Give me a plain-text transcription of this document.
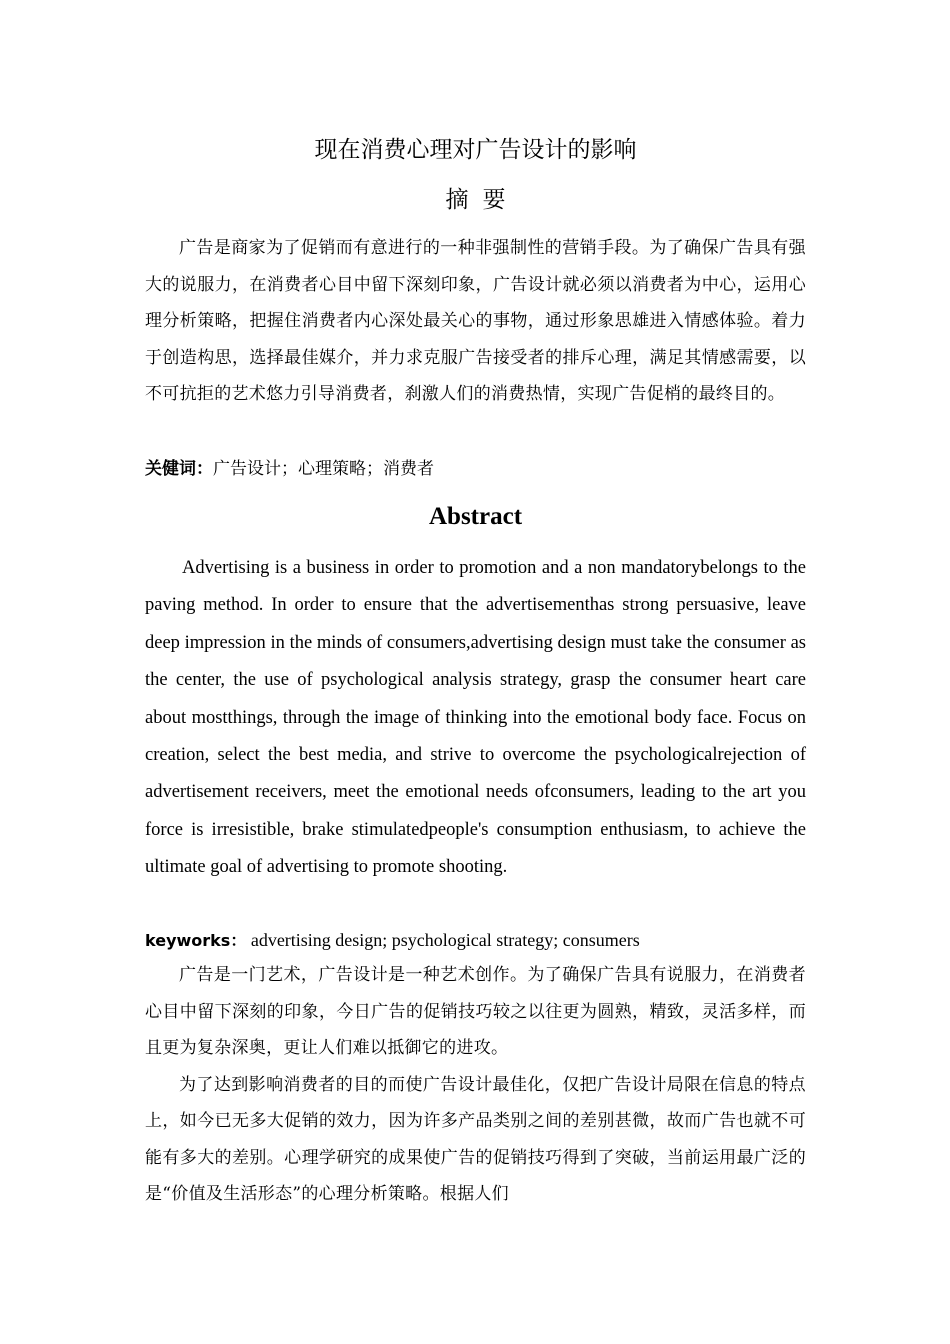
现在消费心理对广告设计的影响
摘要

广告是商家为了促销而有意进行的一种非强制性的营销手段。为了确保广告具有强大的说服力，在消费者心目中留下深刻印象，广告设计就必须以消费者为中心，运用心理分析策略，把握住消费者内心深处最关心的事物，通过形象思雄进入情感体验。着力于创造构思，选择最佳媒介，并力求克服广告接受者的排斥心理，满足其情感需要，以不可抗拒的艺术悠力引导消费者，刹激人们的消费热情，实现广告促梢的最终目的。

关健词：广告设计；心理策略；消费者
Abstract

Advertising is a business in order to promotion and a non mandatorybelongs to the paving method. In order to ensure that the advertisementhas strong persuasive, leave deep impression in the minds of consumers,advertising design must take the consumer as the center, the use of psychological analysis strategy, grasp the consumer heart care about mostthings, through the image of thinking into the emotional body face. Focus on creation, select the best media, and strive to overcome the psychologicalrejection of advertisement receivers, meet the emotional needs ofconsumers, leading to the art you force is irresistible, brake stimulatedpeople's consumption enthusiasm, to achieve the ultimate goal of advertising to promote shooting.

keyworks： advertising design; psychological strategy; consumers

广告是一门艺术，广告设计是一种艺术创作。为了确保广告具有说服力，在消费者心目中留下深刻的印象，今日广告的促销技巧较之以往更为圆熟，精致，灵活多样，而且更为复杂深奥，更让人们难以抵御它的进攻。

为了达到影响消费者的目的而使广告设计最佳化，仅把广告设计局限在信息的特点上，如今已无多大促销的效力，因为许多产品类别之间的差别甚微，故而广告也就不可能有多大的差别。心理学研究的成果使广告的促销技巧得到了突破，当前运用最广泛的是“价值及生活形态”的心理分析策略。根据人们
